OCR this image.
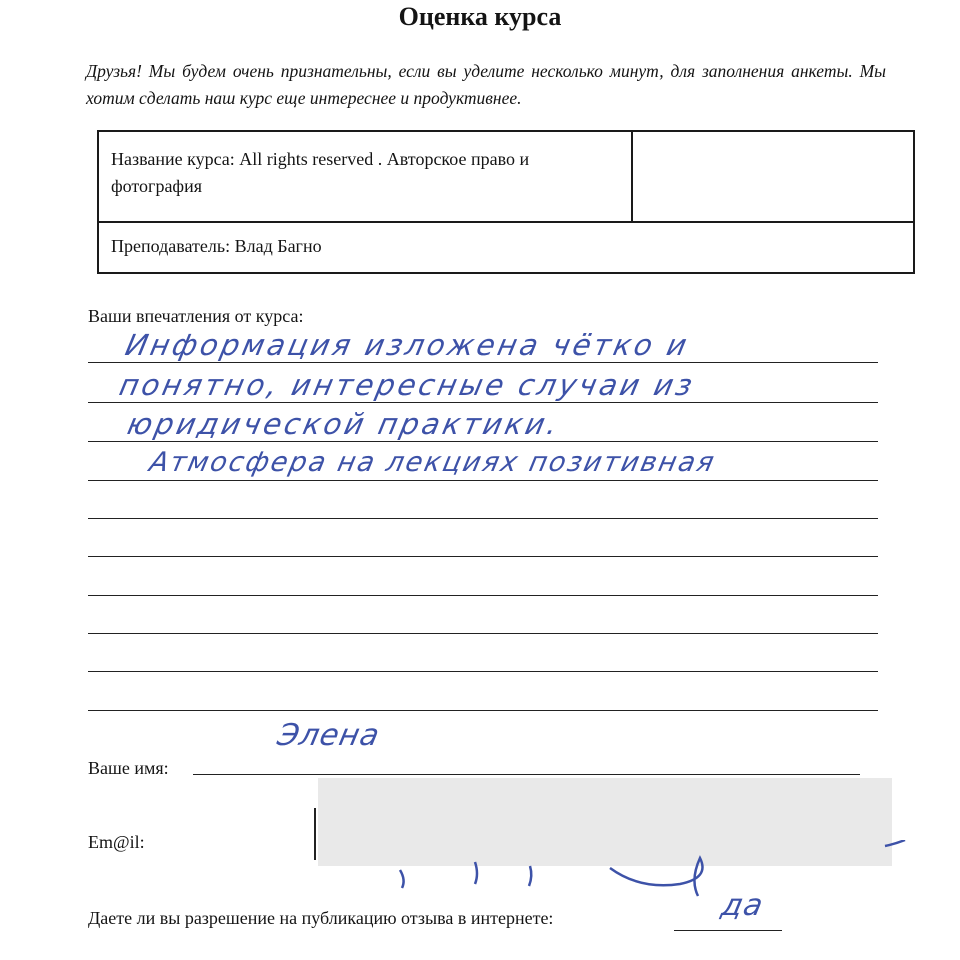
Оценка курса
Друзья! Мы будем очень признательны, если вы уделите несколько минут, для заполнения анкеты. Мы хотим сделать наш курс еще интереснее и продуктивнее.
Название курса: All rights reserved . Авторское право и фотография
Преподаватель: Влад Багно
Ваши впечатления от курса:
Информация изложена чётко и
понятно, интересные случаи из
юридической практики.
Атмосфера на лекциях позитивная
Ваше имя:
Элена
Em@il:
Даете ли вы разрешение на публикацию отзыва в интернете:	да
